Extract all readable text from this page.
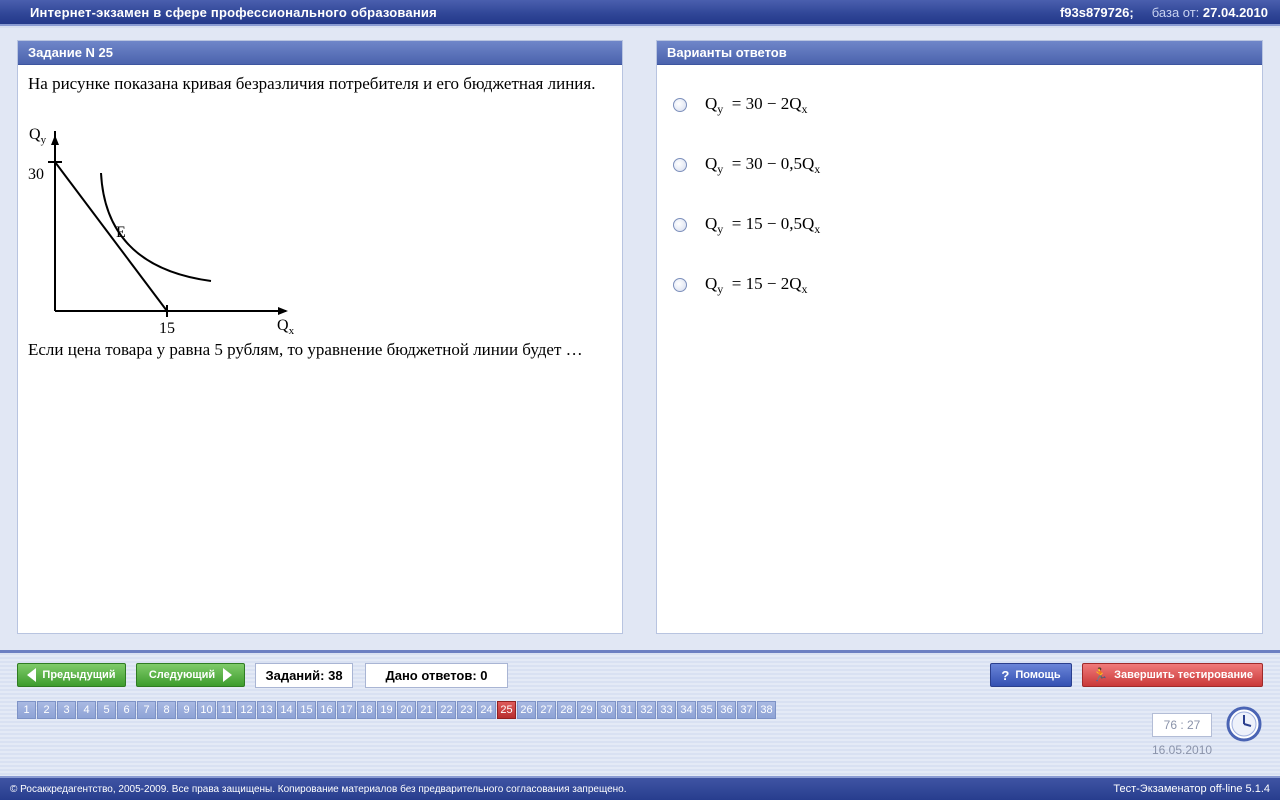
Интернет-экзамен в сфере профессионального образования	f93s879726; база от: 27.04.2010
Задание N 25
На рисунке показана кривая безразличия потребителя и его бюджетная линия.
30
15
E
$Q_y$
$Q_x$
Если цена товара y равна 5 рублям, то уравнение бюджетной линии будет …
Варианты ответов
$Q_y = 30 - 2Q_x$
$Q_y = 30 - 0,5Q_x$
$Q_y = 15 - 0,5Q_x$
$Q_y = 15 - 2Q_x$
Предыдущий	Следующий	Заданий: 38	Дано ответов: 0	? Помощь 🏃 Завершить тестирование
1	2	3	4	5	6	7	8	9 10 11 12 13 14 15 16 17 18 19 20 21 22 23 24 25 26 27 28 29 30 31 32 33 34 35 36 37 38
76 : 27
16.05.2010
© Росаккредагентство, 2005-2009. Все права защищены. Копирование материалов без предварительного согласования запрещено.	Тест-Экзаменатор off-line 5.1.4
